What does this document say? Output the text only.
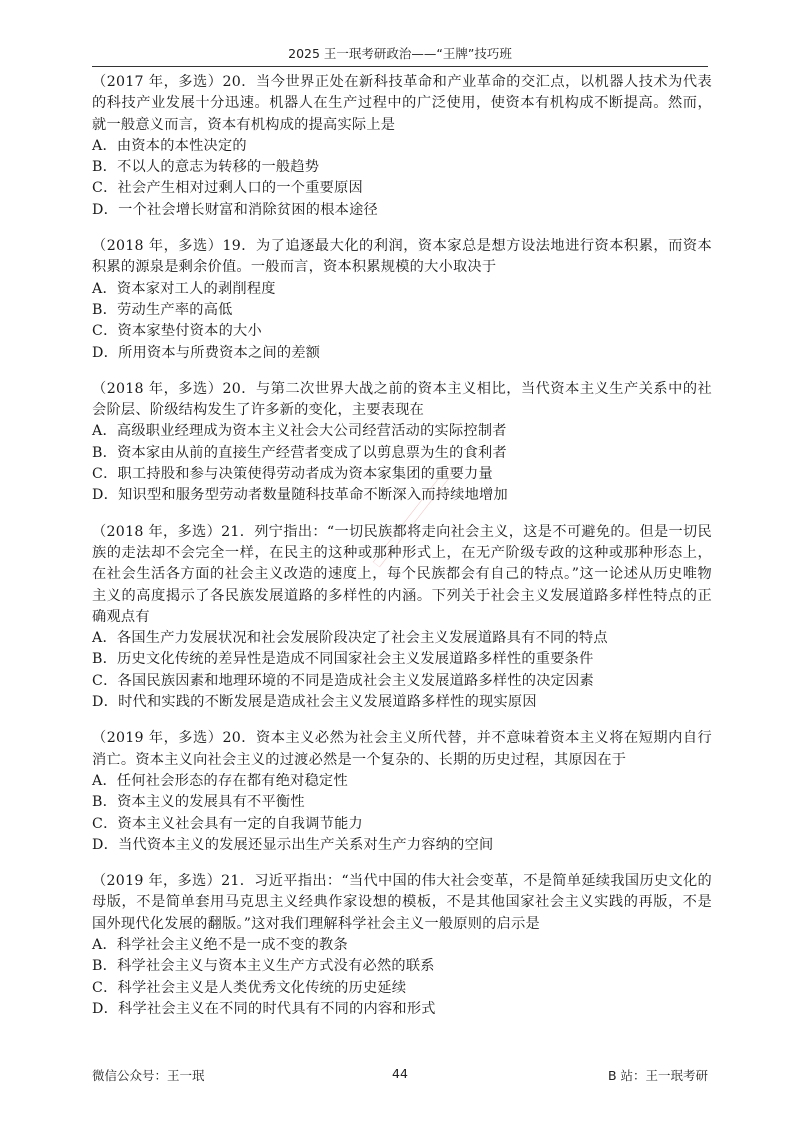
2025 王一珉考研政治——“王牌”技巧班

（2017 年，多选）20．当今世界正处在新科技革命和产业革命的交汇点，以机器人技术为代表的科技产业发展十分迅速。机器人在生产过程中的广泛使用，使资本有机构成不断提高。然而，就一般意义而言，资本有机构成的提高实际上是

A．由资本的本性决定的

B．不以人的意志为转移的一般趋势

C．社会产生相对过剩人口的一个重要原因

D．一个社会增长财富和消除贫困的根本途径

（2018 年，多选）19．为了追逐最大化的利润，资本家总是想方设法地进行资本积累，而资本积累的源泉是剩余价值。一般而言，资本积累规模的大小取决于

A．资本家对工人的剥削程度

B．劳动生产率的高低

C．资本家垫付资本的大小

D．所用资本与所费资本之间的差额

（2018 年，多选）20．与第二次世界大战之前的资本主义相比，当代资本主义生产关系中的社会阶层、阶级结构发生了许多新的变化，主要表现在

A．高级职业经理成为资本主义社会大公司经营活动的实际控制者

B．资本家由从前的直接生产经营者变成了以剪息票为生的食利者

C．职工持股和参与决策使得劳动者成为资本家集团的重要力量

D．知识型和服务型劳动者数量随科技革命不断深入而持续地增加

（2018 年，多选）21．列宁指出：“一切民族都将走向社会主义，这是不可避免的。但是一切民族的走法却不会完全一样，在民主的这种或那种形式上，在无产阶级专政的这种或那种形态上，在社会生活各方面的社会主义改造的速度上，每个民族都会有自己的特点。”这一论述从历史唯物主义的高度揭示了各民族发展道路的多样性的内涵。下列关于社会主义发展道路多样性特点的正确观点有

A．各国生产力发展状况和社会发展阶段决定了社会主义发展道路具有不同的特点

B．历史文化传统的差异性是造成不同国家社会主义发展道路多样性的重要条件

C．各国民族因素和地理环境的不同是造成社会主义发展道路多样性的决定因素

D．时代和实践的不断发展是造成社会主义发展道路多样性的现实原因

（2019 年，多选）20．资本主义必然为社会主义所代替，并不意味着资本主义将在短期内自行消亡。资本主义向社会主义的过渡必然是一个复杂的、长期的历史过程，其原因在于

A．任何社会形态的存在都有绝对稳定性

B．资本主义的发展具有不平衡性

C．资本主义社会具有一定的自我调节能力

D．当代资本主义的发展还显示出生产关系对生产力容纳的空间

（2019 年，多选）21．习近平指出：“当代中国的伟大社会变革，不是简单延续我国历史文化的母版，不是简单套用马克思主义经典作家设想的模板，不是其他国家社会主义实践的再版，不是国外现代化发展的翻版。”这对我们理解科学社会主义一般原则的启示是

A．科学社会主义绝不是一成不变的教条

B．科学社会主义与资本主义生产方式没有必然的联系

C．科学社会主义是人类优秀文化传统的历史延续

D．科学社会主义在不同的时代具有不同的内容和形式

微信公众号：王一珉	44	B 站：王一珉考研
